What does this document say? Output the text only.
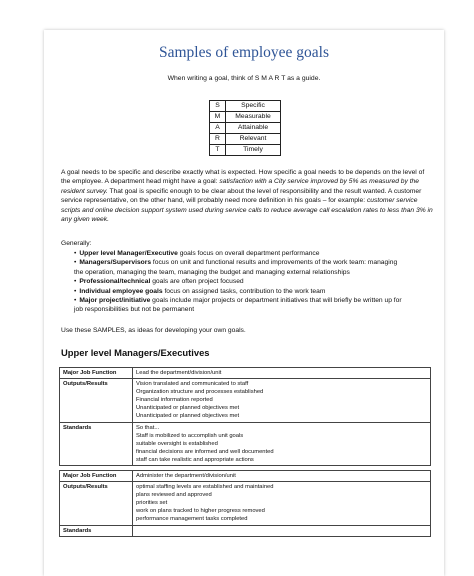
Samples of employee goals
When writing a goal, think of S M A R T as a guide.
S	Specific
M	Measurable
A	Attainable
R	Relevant
T	Timely
A goal needs to be specific and describe exactly what is expected. How specific a goal needs to be depends on the level of the employee. A department head might have a goal: satisfaction with a City service improved by 5% as measured by the resident survey. That goal is specific enough to be clear about the level of responsibility and the result wanted. A customer service representative, on the other hand, will probably need more definition in his goals – for example: customer service scripts and online decision support system used during service calls to reduce average call escalation rates to less than 3% in any given week.
Generally:
• Upper level Manager/Executive goals focus on overall department performance
• Managers/Supervisors focus on unit and functional results and improvements of the work team: managing
the operation, managing the team, managing the budget and managing external relationships
• Professional/technical goals are often project focused
• Individual employee goals focus on assigned tasks, contribution to the work team
• Major project/initiative goals include major projects or department initiatives that will briefly be written up for
job responsibilities but not be permanent
Use these SAMPLES, as ideas for developing your own goals.
Upper level Managers/Executives
Major Job Function	Lead the department/division/unit

Outputs/Results	Vision translated and communicated to staff
Organization structure and processes established
Financial information reported
Unanticipated or planned objectives met
Unanticipated or planned objectives met

Standards	So that...
Staff is mobilized to accomplish unit goals
suitable oversight is established
financial decisions are informed and well documented
staff can take realistic and appropriate actions
Major Job Function	Administer the department/division/unit

Outputs/Results	optimal staffing levels are established and maintained
plans reviewed and approved
priorities set
work on plans tracked to higher progress removed
performance management tasks completed

Standards	
